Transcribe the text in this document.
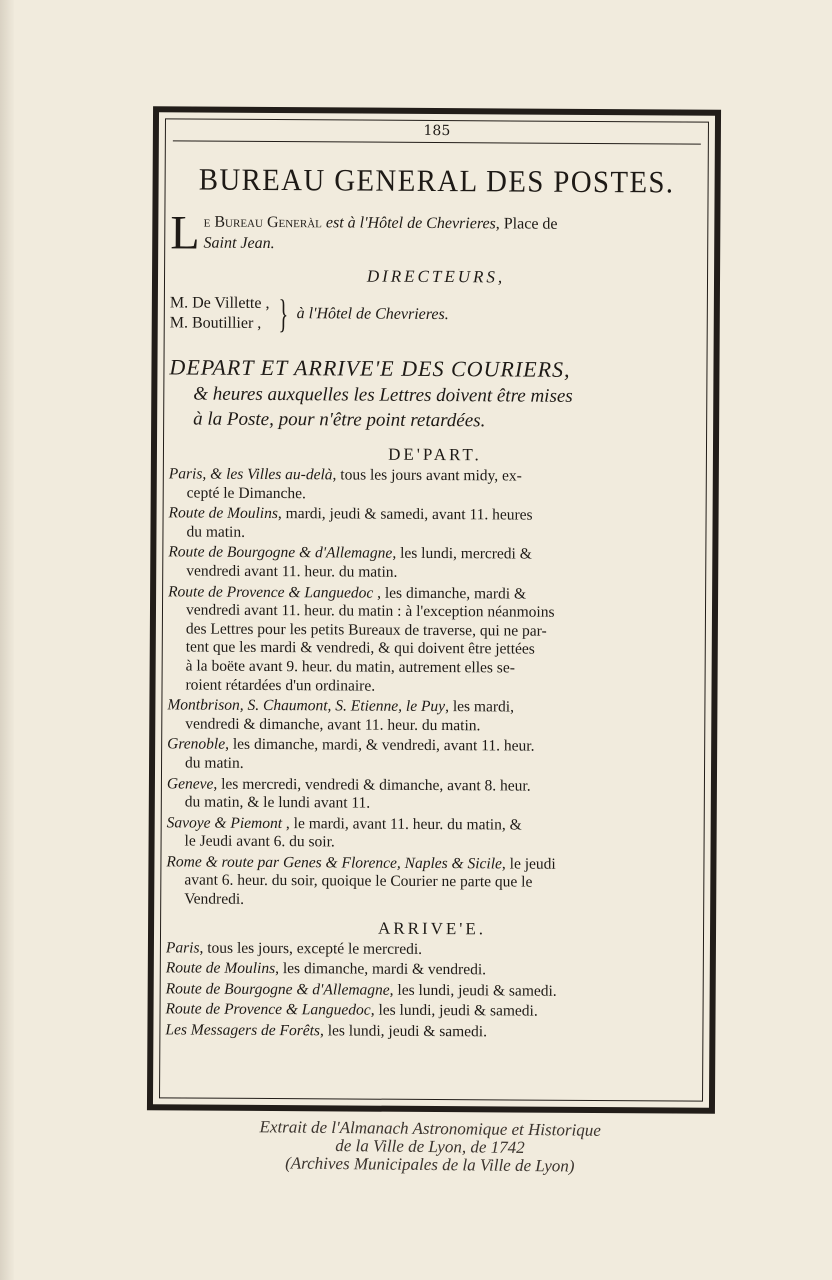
185
BUREAU GENERAL DES POSTES.
L e Bureau Generàl est à l'Hôtel de Chevrieres, Place de
Saint Jean.
DIRECTEURS,
M. De Villette ,
M. Boutillier , } à l'Hôtel de Chevrieres.
DEPART ET ARRIVE'E DES COURIERS,
& heures auxquelles les Lettres doivent être mises
à la Poste, pour n'être point retardées.
DE'PART.
Paris, & les Villes au-delà, tous les jours avant midy, ex-
cepté le Dimanche.
Route de Moulins, mardi, jeudi & samedi, avant 11. heures
du matin.
Route de Bourgogne & d'Allemagne, les lundi, mercredi &
vendredi avant 11. heur. du matin.
Route de Provence & Languedoc , les dimanche, mardi &
vendredi avant 11. heur. du matin : à l'exception néanmoins
des Lettres pour les petits Bureaux de traverse, qui ne par-
tent que les mardi & vendredi, & qui doivent être jettées
à la boëte avant 9. heur. du matin, autrement elles se-
roient rétardées d'un ordinaire.
Montbrison, S. Chaumont, S. Etienne, le Puy, les mardi,
vendredi & dimanche, avant 11. heur. du matin.
Grenoble, les dimanche, mardi, & vendredi, avant 11. heur.
du matin.
Geneve, les mercredi, vendredi & dimanche, avant 8. heur.
du matin, & le lundi avant 11.
Savoye & Piemont , le mardi, avant 11. heur. du matin, &
le Jeudi avant 6. du soir.
Rome & route par Genes & Florence, Naples & Sicile, le jeudi
avant 6. heur. du soir, quoique le Courier ne parte que le
Vendredi.
ARRIVE'E.
Paris, tous les jours, excepté le mercredi.
Route de Moulins, les dimanche, mardi & vendredi.
Route de Bourgogne & d'Allemagne, les lundi, jeudi & samedi.
Route de Provence & Languedoc, les lundi, jeudi & samedi.
Les Messagers de Forêts, les lundi, jeudi & samedi.
Extrait de l'Almanach Astronomique et Historique
de la Ville de Lyon, de 1742
(Archives Municipales de la Ville de Lyon)
